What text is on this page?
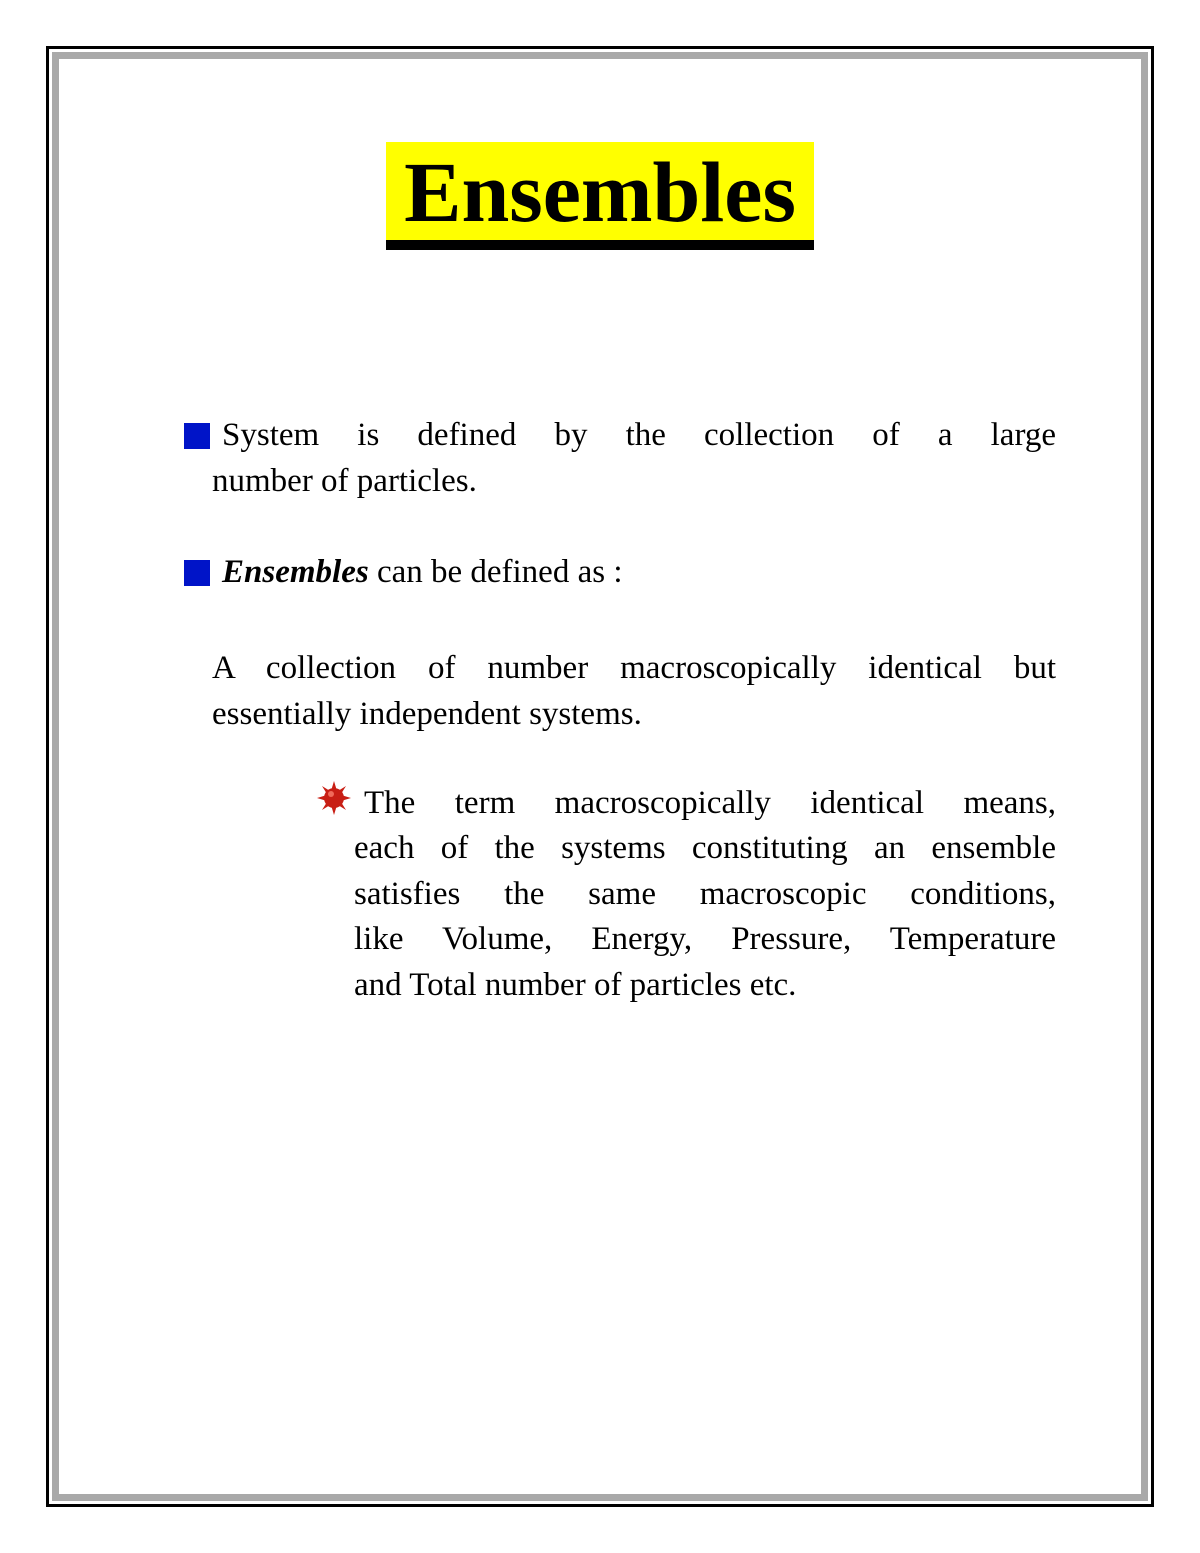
Ensembles
System is defined by the collection of a large
number of particles.
Ensembles can be defined as :
A collection of number macroscopically identical but
essentially independent systems.
The term macroscopically identical means,
each of the systems constituting an ensemble
satisfies the same macroscopic conditions,
like Volume, Energy, Pressure, Temperature
and Total number of particles etc.
